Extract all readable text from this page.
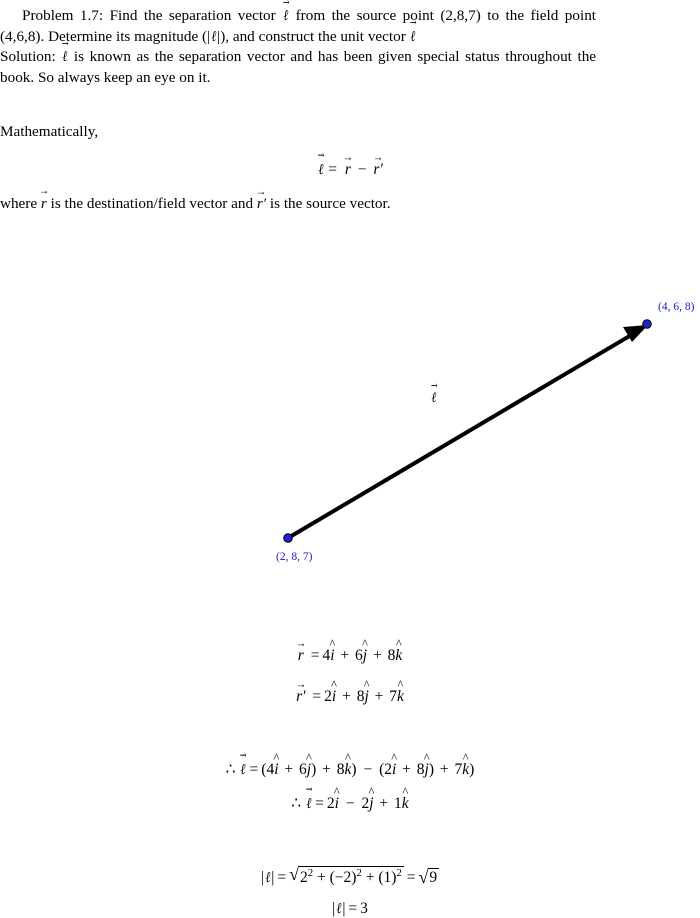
Problem 1.7: Find the separation vector ℓ → from the source point (2,8,7) to the field point (4,6,8). Determine its magnitude (|ℓ|), and construct the unit vector ℓ →
Solution: ℓ → is known as the separation vector and has been given special status throughout the book. So always keep an eye on it.
Mathematically,
ℓ → = r → − r′ →
where r → is the destination/field vector and r′ → is the source vector.
(2, 8, 7)
(4, 6, 8)
ℓ →
r → = 4i ^ + 6j ^ + 8k ^
r′ → = 2i ^ + 8j ^ + 7k ^
∴ ℓ → = (4i ^ + 6j ^) + 8k ^) − (2i ^ + 8j ^) + 7k ^)
∴ ℓ → = 2i ^ − 2j ^ + 1k ^
|ℓ| = √ $2^2 + (-2)^2 + (1)^2$ = √ 9
|ℓ| = 3
